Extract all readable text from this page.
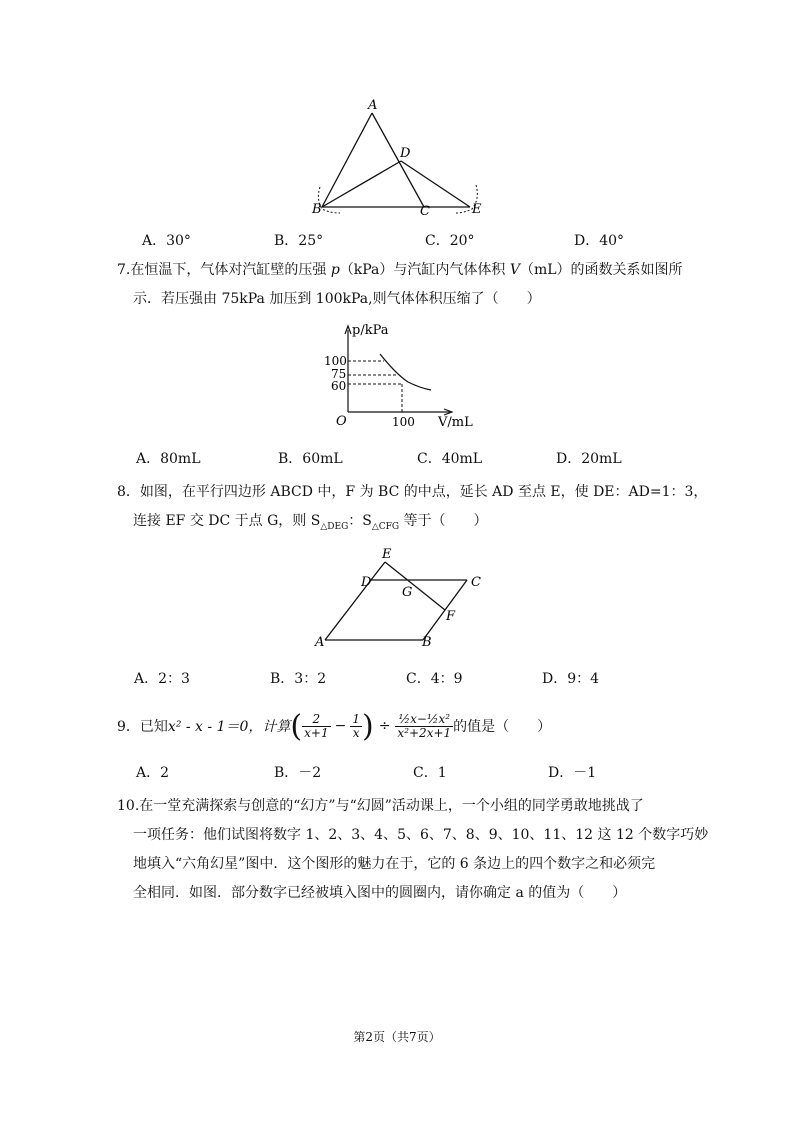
A
D
B	C	E
A．30°	B．25°	C．20°	D．40°
7.在恒温下，气体对汽缸壁的压强 p（kPa）与汽缸内气体体积 V（mL）的函数关系如图所
示．若压强由 75kPa 加压到 100kPa,则气体体积压缩了（　　）
p/kPa
V/mL
O
100
75
60
100
A．80mL	B．60mL	C．40mL	D．20mL
8．如图，在平行四边形 ABCD 中，F 为 BC 的中点，延长 AD 至点 E，使 DE：AD=1：3，
连接 EF 交 DC 于点 G，则 $S_{\triangle DEG}$：$S_{\triangle CFG}$ 等于（　　）
A	B
C
D
E
F
G
A．2：3	B．3：2	C．4：9	D．9：4
9．已知 x² - x - 1＝0，计算 ( $\frac{2}{x+1} - \frac{1}{x}$ ) ÷ $\frac{\text{½x−½x²}}{\text{x²+2x+1}}$ 的值是（　　）
A．2	B．－2	C．1	D．－1
10.在一堂充满探索与创意的“幻方”与“幻圆”活动课上，一个小组的同学勇敢地挑战了
一项任务：他们试图将数字 1、2、3、4、5、6、7、8、9、10、11、12 这 12 个数字巧妙
地填入“六角幻星”图中．这个图形的魅力在于，它的 6 条边上的四个数字之和必须完
全相同．如图．部分数字已经被填入图中的圆圈内，请你确定 a 的值为（　　）
第2页（共7页）
